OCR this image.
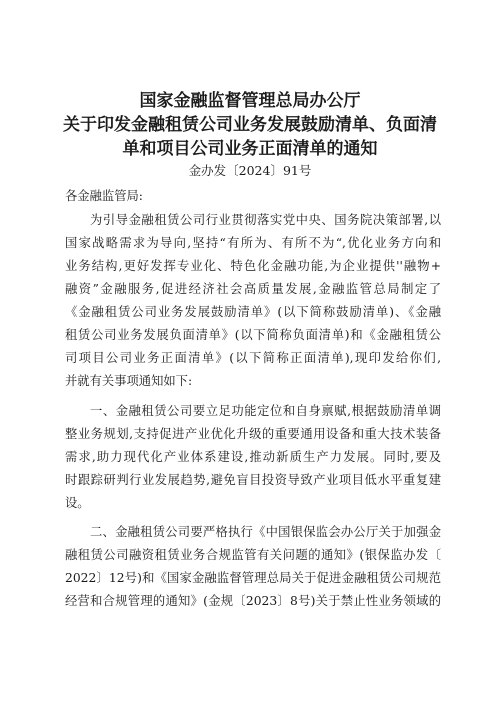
国家金融监督管理总局办公厅
关于印发金融租赁公司业务发展鼓励清单、负面清
单和项目公司业务正面清单的通知
金办发〔2024〕91号
各金融监管局:
为引导金融租赁公司行业贯彻落实党中央、国务院决策部署,以
国家战略需求为导向,坚持“有所为、有所不为“,优化业务方向和
业务结构,更好发挥专业化、特色化金融功能,为企业提供''融物+
融资”金融服务,促进经济社会高质量发展,金融监管总局制定了
《金融租赁公司业务发展鼓励清单》(以下简称鼓励清单)、《金融
租赁公司业务发展负面清单》(以下简称负面清单)和《金融租赁公
司项目公司业务正面清单》(以下简称正面清单),现印发给你们,
并就有关事项通知如下:
一、金融租赁公司要立足功能定位和自身禀赋,根据鼓励清单调
整业务规划,支持促进产业优化升级的重要通用设备和重大技术装备
需求,助力现代化产业体系建设,推动新质生产力发展。同时,要及
时跟踪研判行业发展趋势,避免盲目投资导致产业项目低水平重复建
设。
二、金融租赁公司要严格执行《中国银保监会办公厅关于加强金
融租赁公司融资租赁业务合规监管有关问题的通知》(银保监办发〔
2022〕12号)和《国家金融监督管理总局关于促进金融租赁公司规范
经营和合规管理的通知》(金规〔2023〕8号)关于禁止性业务领域的
